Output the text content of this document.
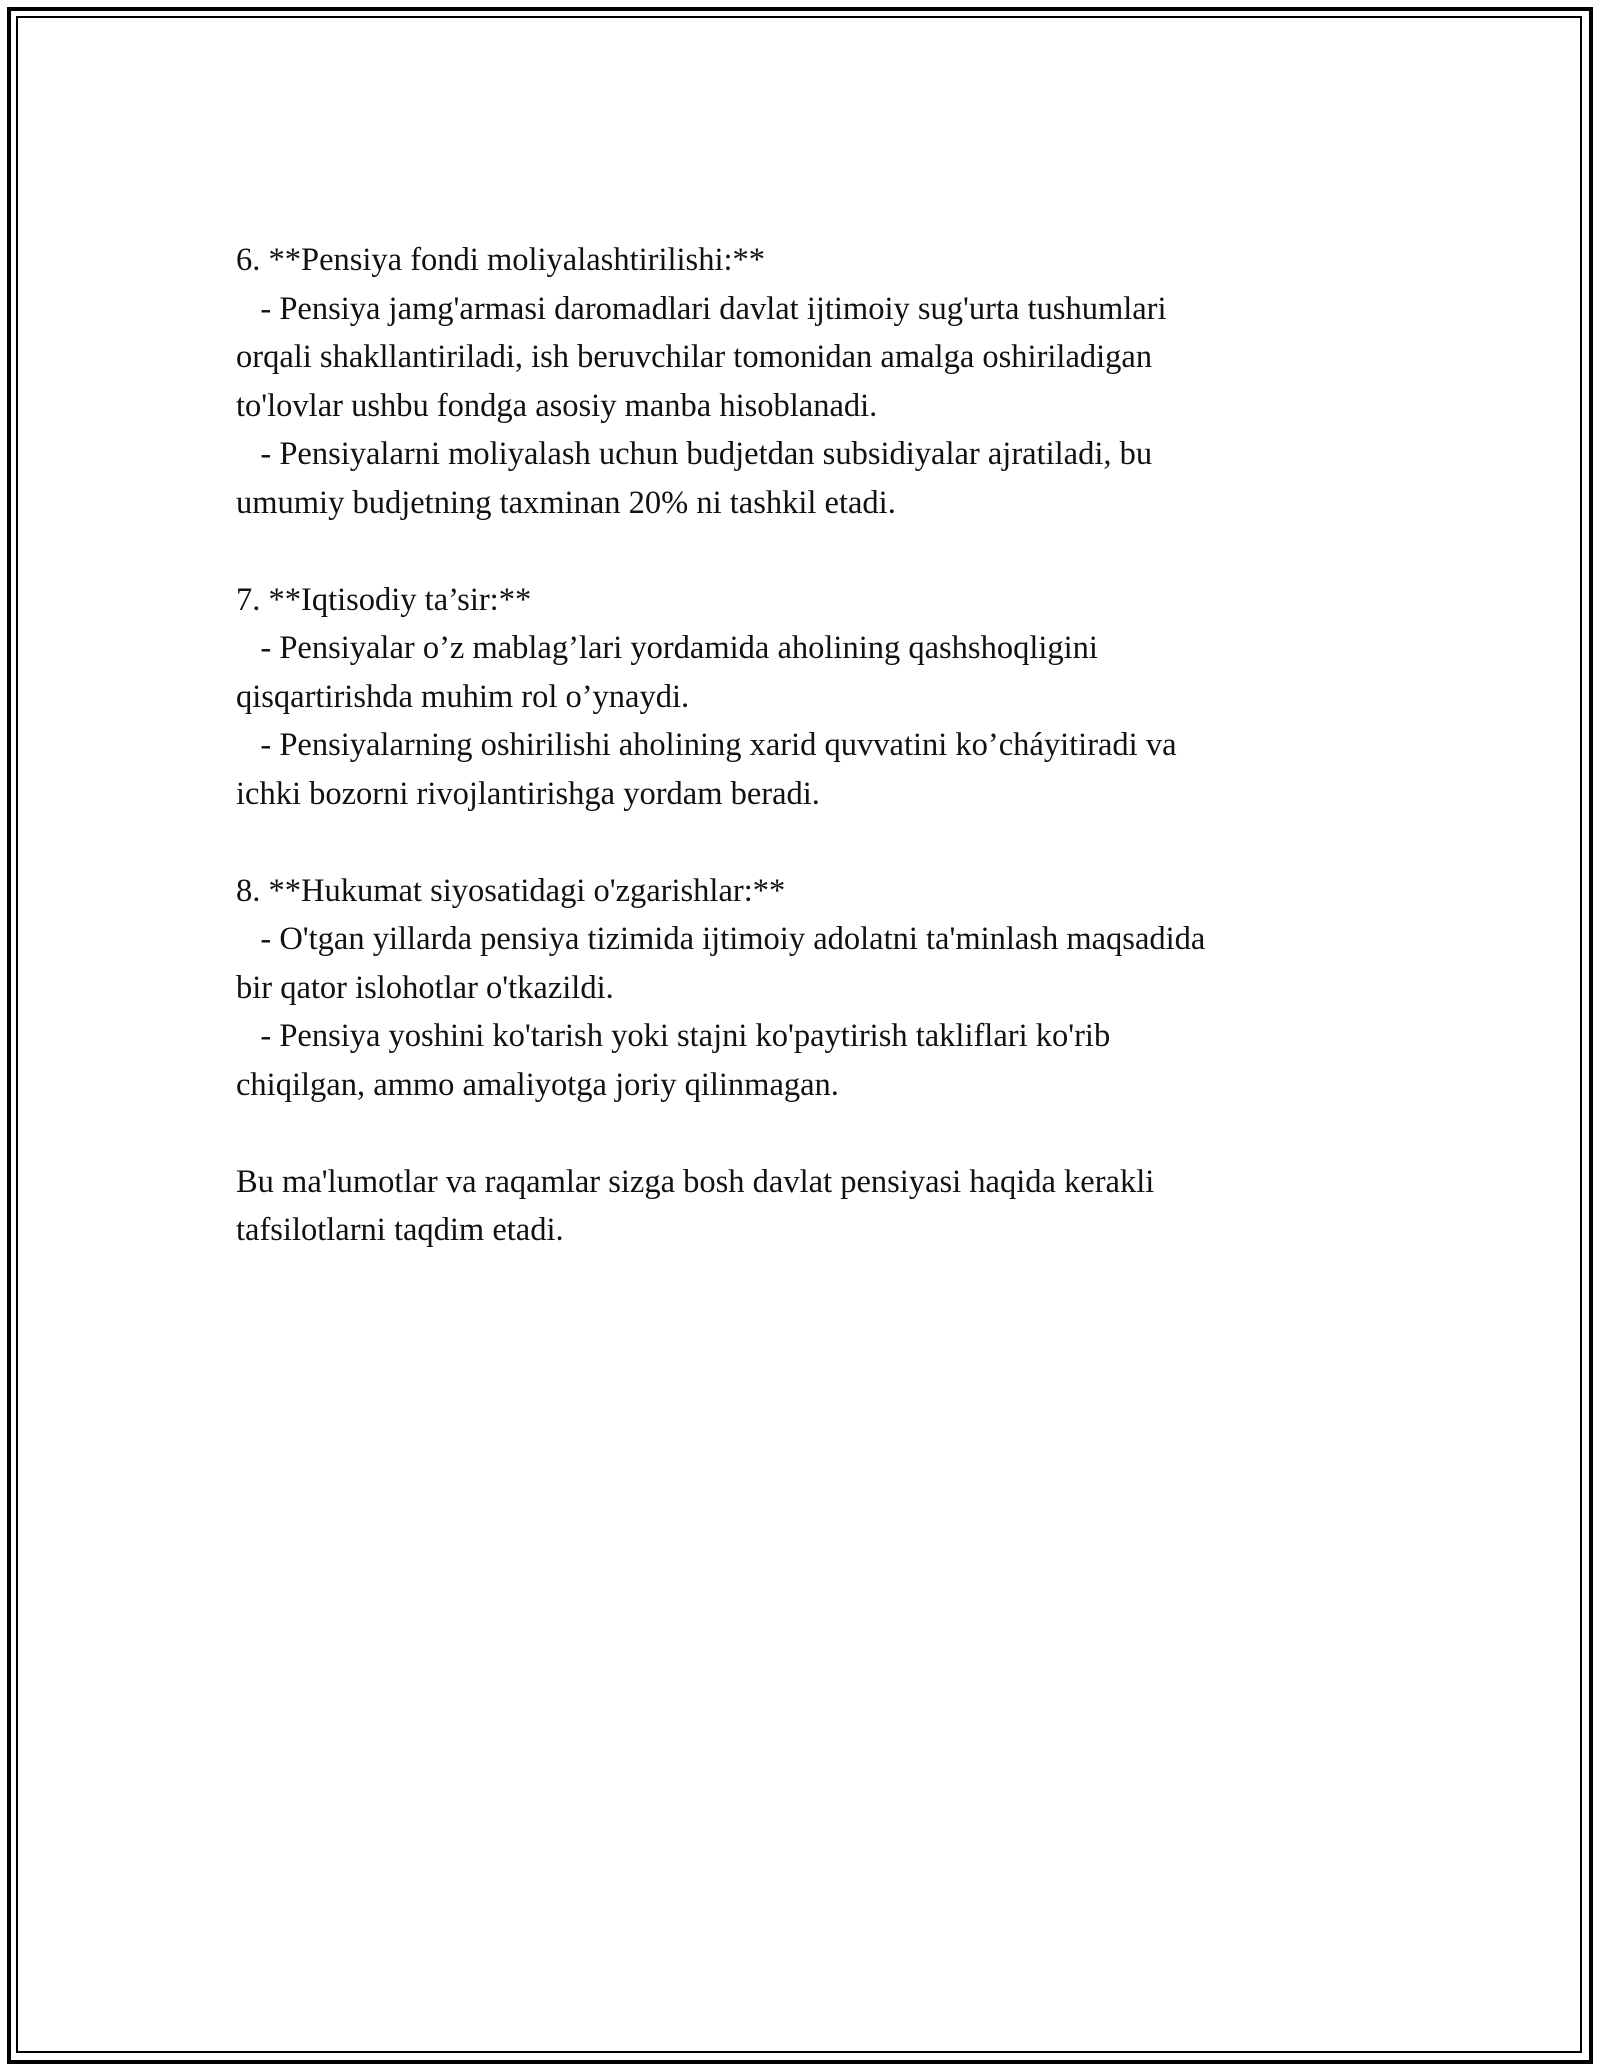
6. **Pensiya fondi moliyalashtirilishi:**
- Pensiya jamg'armasi daromadlari davlat ijtimoiy sug'urta tushumlari
orqali shakllantiriladi, ish beruvchilar tomonidan amalga oshiriladigan
to'lovlar ushbu fondga asosiy manba hisoblanadi.
- Pensiyalarni moliyalash uchun budjetdan subsidiyalar ajratiladi, bu
umumiy budjetning taxminan 20% ni tashkil etadi.
7. **Iqtisodiy ta’sir:**
- Pensiyalar o’z mablag’lari yordamida aholining qashshoqligini
qisqartirishda muhim rol o’ynaydi.
- Pensiyalarning oshirilishi aholining xarid quvvatini ko’cháyitiradi va
ichki bozorni rivojlantirishga yordam beradi.
8. **Hukumat siyosatidagi o'zgarishlar:**
- O'tgan yillarda pensiya tizimida ijtimoiy adolatni ta'minlash maqsadida
bir qator islohotlar o'tkazildi.
- Pensiya yoshini ko'tarish yoki stajni ko'paytirish takliflari ko'rib
chiqilgan, ammo amaliyotga joriy qilinmagan.
Bu ma'lumotlar va raqamlar sizga bosh davlat pensiyasi haqida kerakli
tafsilotlarni taqdim etadi.
